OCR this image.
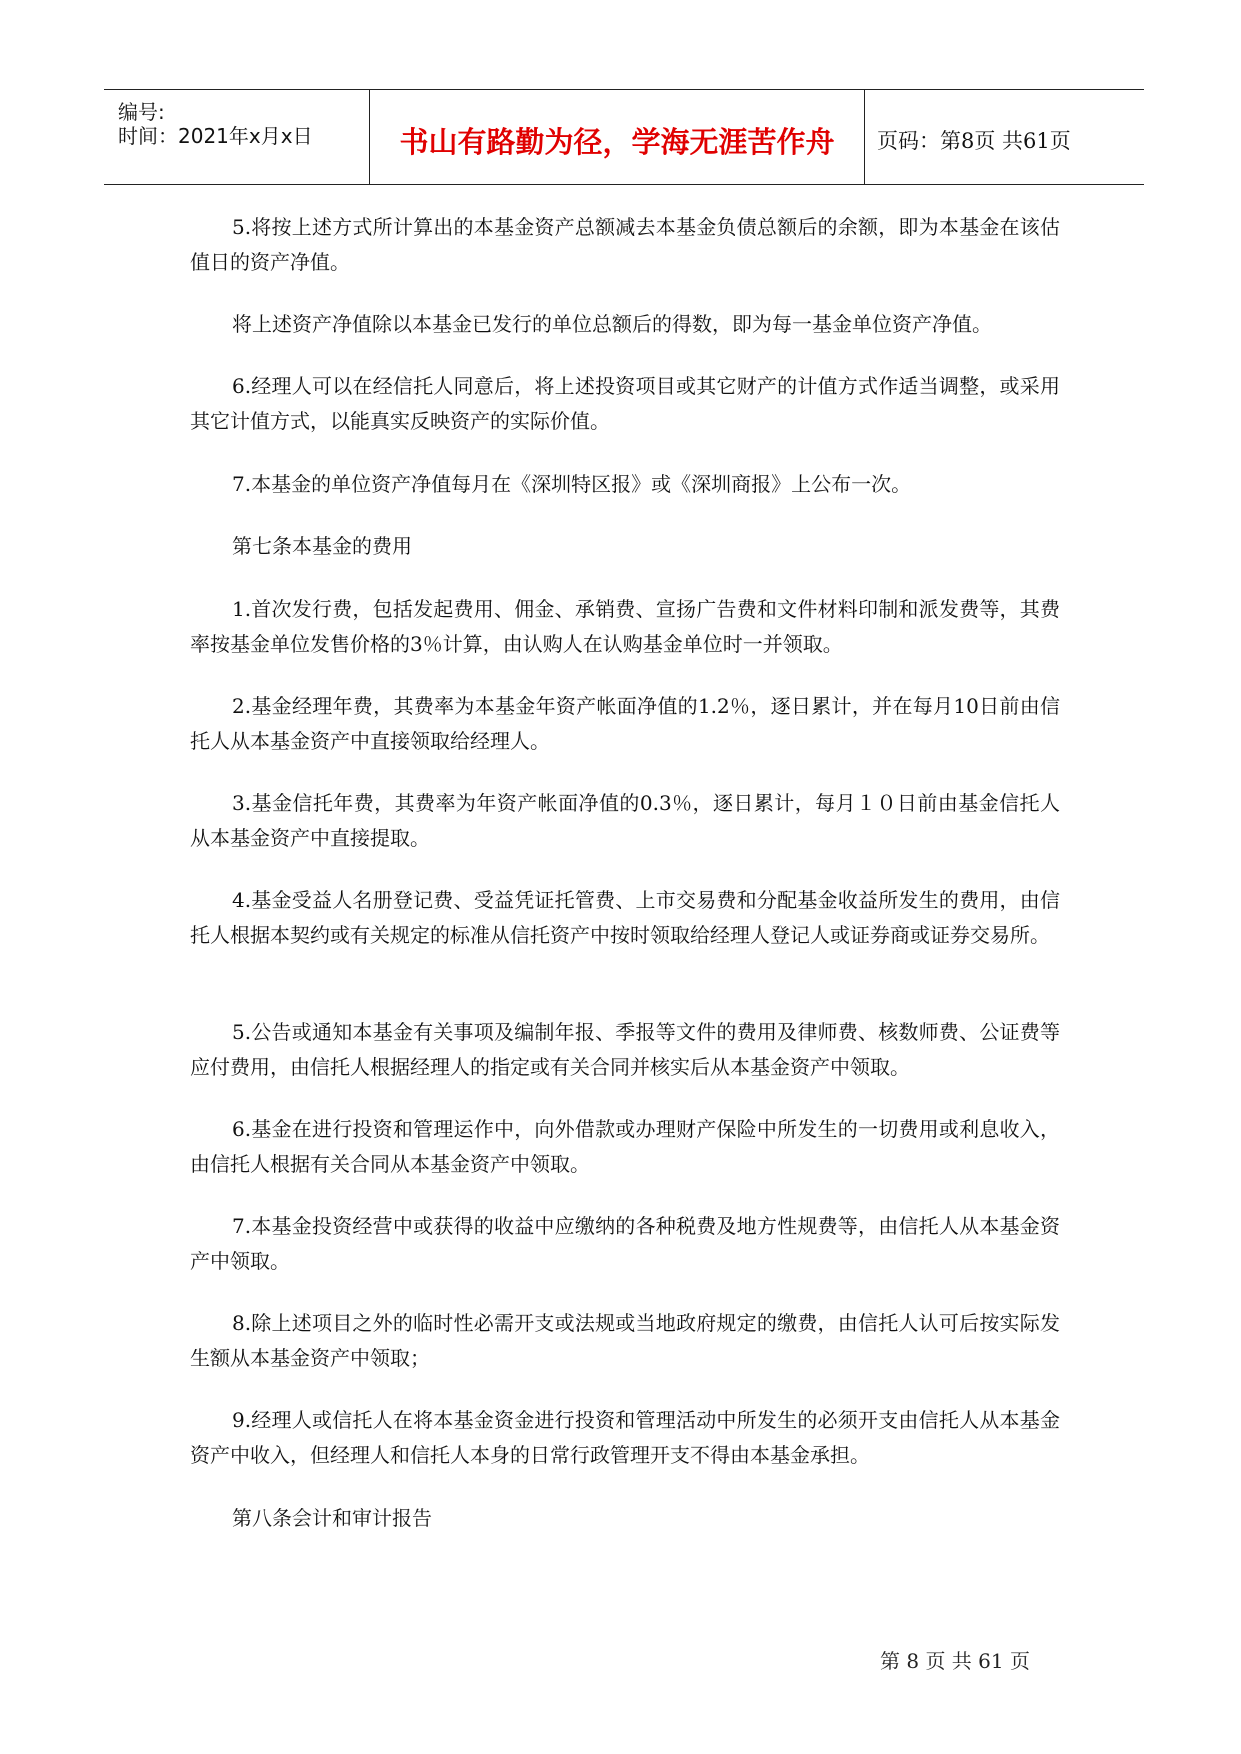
编号:
时间：2021年x月x日	书山有路勤为径，学海无涯苦作舟	页码：第8页 共61页

5.将按上述方式所计算出的本基金资产总额减去本基金负债总额后的余额，即为本基金在该估值日的资产净值。

将上述资产净值除以本基金已发行的单位总额后的得数，即为每一基金单位资产净值。

6.经理人可以在经信托人同意后，将上述投资项目或其它财产的计值方式作适当调整，或采用其它计值方式，以能真实反映资产的实际价值。

7.本基金的单位资产净值每月在《深圳特区报》或《深圳商报》上公布一次。

第七条本基金的费用

1.首次发行费，包括发起费用、佣金、承销费、宣扬广告费和文件材料印制和派发费等，其费率按基金单位发售价格的3％计算，由认购人在认购基金单位时一并领取。

2.基金经理年费，其费率为本基金年资产帐面净值的1.2％，逐日累计，并在每月10日前由信托人从本基金资产中直接领取给经理人。

3.基金信托年费，其费率为年资产帐面净值的0.3％，逐日累计，每月１０日前由基金信托人从本基金资产中直接提取。

4.基金受益人名册登记费、受益凭证托管费、上市交易费和分配基金收益所发生的费用，由信托人根据本契约或有关规定的标准从信托资产中按时领取给经理人登记人或证券商或证券交易所。

5.公告或通知本基金有关事项及编制年报、季报等文件的费用及律师费、核数师费、公证费等应付费用，由信托人根据经理人的指定或有关合同并核实后从本基金资产中领取。

6.基金在进行投资和管理运作中，向外借款或办理财产保险中所发生的一切费用或利息收入，由信托人根据有关合同从本基金资产中领取。

7.本基金投资经营中或获得的收益中应缴纳的各种税费及地方性规费等，由信托人从本基金资产中领取。

8.除上述项目之外的临时性必需开支或法规或当地政府规定的缴费，由信托人认可后按实际发生额从本基金资产中领取；

9.经理人或信托人在将本基金资金进行投资和管理活动中所发生的必须开支由信托人从本基金资产中收入，但经理人和信托人本身的日常行政管理开支不得由本基金承担。

第八条会计和审计报告

第 8 页 共 61 页
